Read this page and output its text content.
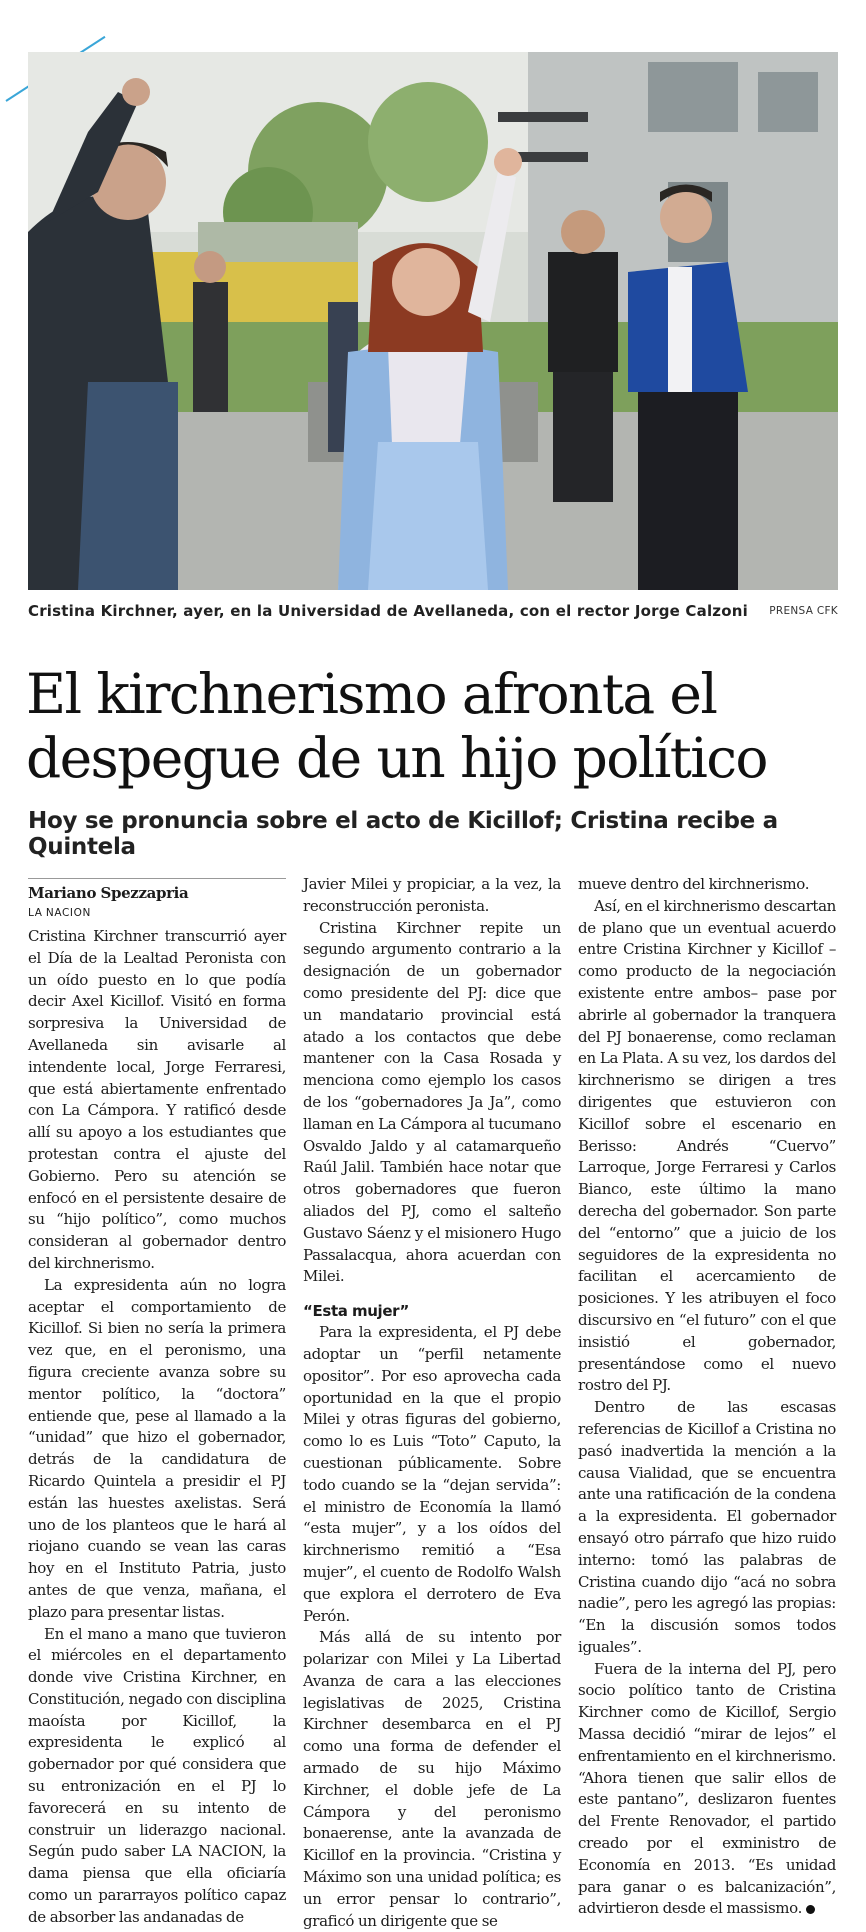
Cristina Kirchner, ayer, en la Universidad de Avellaneda, con el rector Jorge Calzoni PRENSA CFK
El kirchnerismo afronta el
despegue de un hijo político
Hoy se pronuncia sobre el acto de Kicillof; Cristina recibe a Quintela
Mariano Spezzapria
LA NACION

Cristina Kirchner transcurrió ayer el Día de la Lealtad Peronista con un oído puesto en lo que podía decir Axel Kicillof. Visitó en forma sorpresiva la Universidad de Avellaneda sin avisarle al intendente local, Jorge Ferraresi, que está abiertamente enfrentado con La Cámpora. Y ratificó desde allí su apoyo a los estudiantes que protestan contra el ajuste del Gobierno. Pero su atención se enfocó en el persistente desaire de su “hijo político”, como muchos consideran al gobernador dentro del kirchnerismo.

La expresidenta aún no logra aceptar el comportamiento de Kicillof. Si bien no sería la primera vez que, en el peronismo, una figura creciente avanza sobre su mentor político, la “doctora” entiende que, pese al llamado a la “unidad” que hizo el gobernador, detrás de la candidatura de Ricardo Quintela a presidir el PJ están las huestes axelistas. Será uno de los planteos que le hará al riojano cuando se vean las caras hoy en el Instituto Patria, justo antes de que venza, mañana, el plazo para presentar listas.

En el mano a mano que tuvieron el miércoles en el departamento donde vive Cristina Kirchner, en Constitución, negado con disciplina maoísta por Kicillof, la expresidenta le explicó al gobernador por qué considera que su entronización en el PJ lo favorecerá en su intento de construir un liderazgo nacional. Según pudo saber LA NACION, la dama piensa que ella oficiaría como un pararrayos político capaz de absorber las andanadas de

Javier Milei y propiciar, a la vez, la reconstrucción peronista.

Cristina Kirchner repite un segundo argumento contrario a la designación de un gobernador como presidente del PJ: dice que un mandatario provincial está atado a los contactos que debe mantener con la Casa Rosada y menciona como ejemplo los casos de los “gobernadores Ja Ja”, como llaman en La Cámpora al tucumano Osvaldo Jaldo y al catamarqueño Raúl Jalil. También hace notar que otros gobernadores que fueron aliados del PJ, como el salteño Gustavo Sáenz y el misionero Hugo Passalacqua, ahora acuerdan con Milei.

“Esta mujer”

Para la expresidenta, el PJ debe adoptar un “perfil netamente opositor”. Por eso aprovecha cada oportunidad en la que el propio Milei y otras figuras del gobierno, como lo es Luis “Toto” Caputo, la cuestionan públicamente. Sobre todo cuando se la “dejan servida”: el ministro de Economía la llamó “esta mujer”, y a los oídos del kirchnerismo remitió a “Esa mujer”, el cuento de Rodolfo Walsh que explora el derrotero de Eva Perón.

Más allá de su intento por polarizar con Milei y La Libertad Avanza de cara a las elecciones legislativas de 2025, Cristina Kirchner desembarca en el PJ como una forma de defender el armado de su hijo Máximo Kirchner, el doble jefe de La Cámpora y del peronismo bonaerense, ante la avanzada de Kicillof en la provincia. “Cristina y Máximo son una unidad política; es un error pensar lo contrario”, graficó un dirigente que se

mueve dentro del kirchnerismo.

Así, en el kirchnerismo descartan de plano que un eventual acuerdo entre Cristina Kirchner y Kicillof –como producto de la negociación existente entre ambos– pase por abrirle al gobernador la tranquera del PJ bonaerense, como reclaman en La Plata. A su vez, los dardos del kirchnerismo se dirigen a tres dirigentes que estuvieron con Kicillof sobre el escenario en Berisso: Andrés “Cuervo” Larroque, Jorge Ferraresi y Carlos Bianco, este último la mano derecha del gobernador. Son parte del “entorno” que a juicio de los seguidores de la expresidenta no facilitan el acercamiento de posiciones. Y les atribuyen el foco discursivo en “el futuro” con el que insistió el gobernador, presentándose como el nuevo rostro del PJ.

Dentro de las escasas referencias de Kicillof a Cristina no pasó inadvertida la mención a la causa Vialidad, que se encuentra ante una ratificación de la condena a la expresidenta. El gobernador ensayó otro párrafo que hizo ruido interno: tomó las palabras de Cristina cuando dijo “acá no sobra nadie”, pero les agregó las propias: “En la discusión somos todos iguales”.

Fuera de la interna del PJ, pero socio político tanto de Cristina Kirchner como de Kicillof, Sergio Massa decidió “mirar de lejos” el enfrentamiento en el kirchnerismo. “Ahora tienen que salir ellos de este pantano”, deslizaron fuentes del Frente Renovador, el partido creado por el exministro de Economía en 2013. “Es unidad para ganar o es balcanización”, advirtieron desde el massismo.
